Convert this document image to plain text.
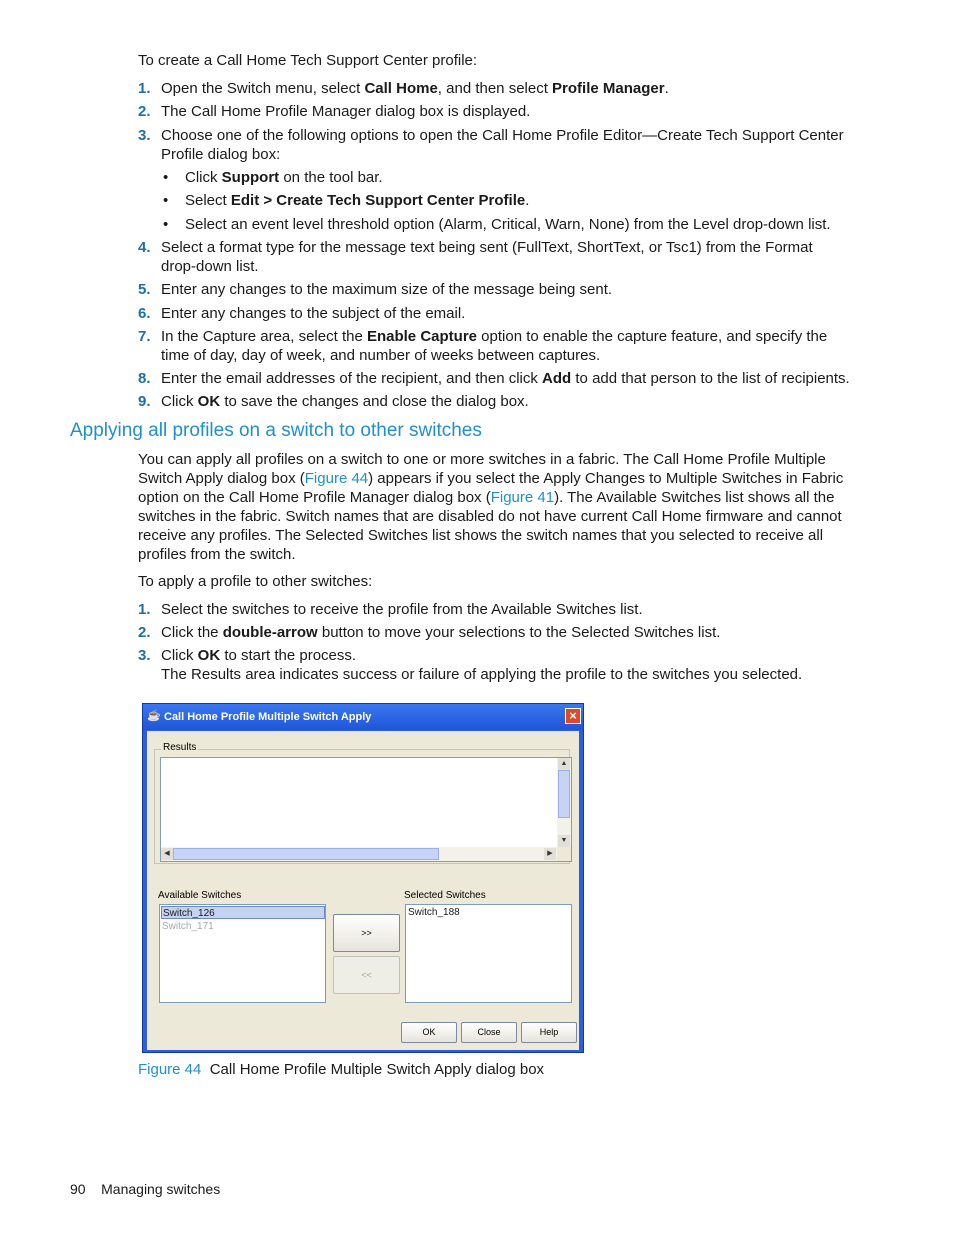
To create a Call Home Tech Support Center profile:

1. Open the Switch menu, select Call Home, and then select Profile Manager.
2. The Call Home Profile Manager dialog box is displayed.
3. Choose one of the following options to open the Call Home Profile Editor—Create Tech Support Center Profile dialog box:
4. Select a format type for the message text being sent (FullText, ShortText, or Tsc1) from the Format drop-down list.
5. Enter any changes to the maximum size of the message being sent.
6. Enter any changes to the subject of the email.
7. In the Capture area, select the Enable Capture option to enable the capture feature, and specify the time of day, day of week, and number of weeks between captures.
8. Enter the email addresses of the recipient, and then click Add to add that person to the list of recipients.
9. Click OK to save the changes and close the dialog box.
• Click Support on the tool bar.
• Select Edit > Create Tech Support Center Profile.
• Select an event level threshold option (Alarm, Critical, Warn, None) from the Level drop-down list.
Applying all profiles on a switch to other switches

You can apply all profiles on a switch to one or more switches in a fabric. The Call Home Profile Multiple Switch Apply dialog box (Figure 44) appears if you select the Apply Changes to Multiple Switches in Fabric option on the Call Home Profile Manager dialog box (Figure 41). The Available Switches list shows all the switches in the fabric. Switch names that are disabled do not have current Call Home firmware and cannot receive any profiles. The Selected Switches list shows the switch names that you selected to receive all profiles from the switch.

To apply a profile to other switches:

1. Select the switches to receive the profile from the Available Switches list.
2. Click the double-arrow button to move your selections to the Selected Switches list.
3. Click OK to start the process.
The Results area indicates success or failure of applying the profile to the switches you selected.
☕ Call Home Profile Multiple Switch Apply	×
Results
▲
▼
◀	▶
Available Switches	Selected Switches
Switch_126
Switch_171
>>
<<
Switch_188
OK	Close	Help
Figure 44 Call Home Profile Multiple Switch Apply dialog box
90 Managing switches
